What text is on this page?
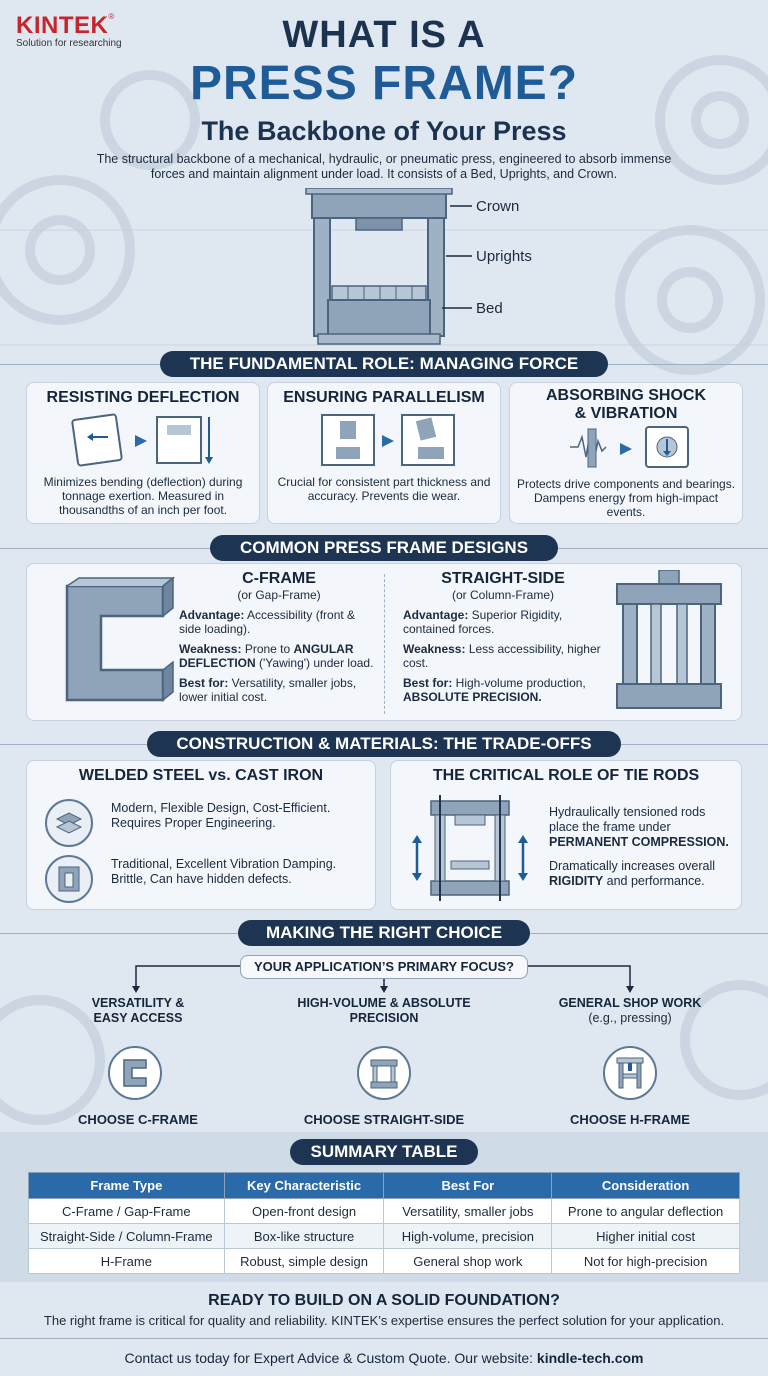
KINTEK®
Solution for researching	WHAT IS A
PRESS FRAME?
The Backbone of Your Press
The structural backbone of a mechanical, hydraulic, or pneumatic press, engineered to absorb immense forces and maintain alignment under load. It consists of a Bed, Uprights, and Crown.
Crown
Uprights
Bed
THE FUNDAMENTAL ROLE: MANAGING FORCE
RESISTING DEFLECTION
Minimizes bending (deflection) during tonnage exertion. Measured in thousandths of an inch per foot.
ENSURING PARALLELISM
Crucial for consistent part thickness and accuracy. Prevents die wear.
ABSORBING SHOCK & VIBRATION
Protects drive components and bearings. Dampens energy from high-impact events.
COMMON PRESS FRAME DESIGNS
C-FRAME
(or Gap-Frame)
Advantage: Accessibility (front & side loading).
Weakness: Prone to ANGULAR DEFLECTION ('Yawing') under load.
Best for: Versatility, smaller jobs, lower initial cost.
STRAIGHT-SIDE
(or Column-Frame)
Advantage: Superior Rigidity, contained forces.
Weakness: Less accessibility, higher cost.
Best for: High-volume production, ABSOLUTE PRECISION.
CONSTRUCTION & MATERIALS: THE TRADE-OFFS
WELDED STEEL vs. CAST IRON
Modern, Flexible Design, Cost-Efficient. Requires Proper Engineering.
Traditional, Excellent Vibration Damping. Brittle, Can have hidden defects.
THE CRITICAL ROLE OF TIE RODS
Hydraulically tensioned rods place the frame under PERMANENT COMPRESSION.
Dramatically increases overall RIGIDITY and performance.
MAKING THE RIGHT CHOICE
YOUR APPLICATION’S PRIMARY FOCUS?
VERSATILITY & EASY ACCESS
CHOOSE C-FRAME
HIGH-VOLUME & ABSOLUTE PRECISION
CHOOSE STRAIGHT-SIDE
GENERAL SHOP WORK
(e.g., pressing)
CHOOSE H-FRAME
SUMMARY TABLE
Frame Type	Key Characteristic	Best For	Consideration
C-Frame / Gap-Frame	Open-front design	Versatility, smaller jobs	Prone to angular deflection
Straight-Side / Column-Frame	Box-like structure	High-volume, precision	Higher initial cost
H-Frame	Robust, simple design	General shop work	Not for high-precision
READY TO BUILD ON A SOLID FOUNDATION?
The right frame is critical for quality and reliability. KINTEK’s expertise ensures the perfect solution for your application.
Contact us today for Expert Advice & Custom Quote. Our website: kindle-tech.com
